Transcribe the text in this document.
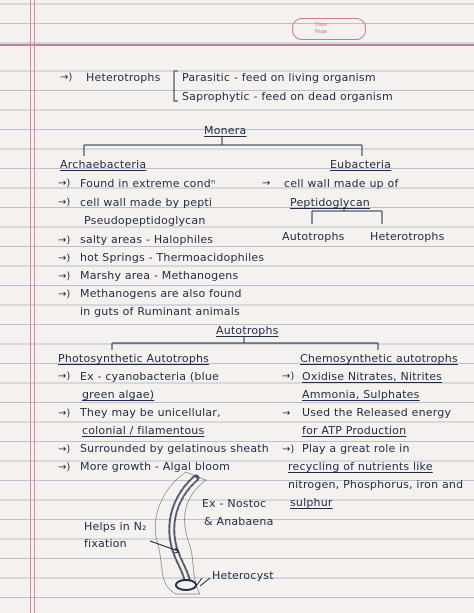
Date
Page
→) Heterotrophs Parasitic - feed on living organism
Saprophytic - feed on dead organism
Monera
Archaebacteria	Eubacteria
→) Found in extreme condⁿ	→ cell wall made up of
→) cell wall made by pepti	Peptidoglycan
Pseudopeptidoglycan
Autotrophs Heterotrophs
→) salty areas - Halophiles
→) hot Springs - Thermoacidophiles
→) Marshy area - Methanogens
→) Methanogens are also found
in guts of Ruminant animals
Autotrophs
Photosynthetic Autotrophs	Chemosynthetic autotrophs
→) Ex - cyanobacteria (blue	→) Oxidise Nitrates, Nitrites
green algae)	Ammonia, Sulphates
→) They may be unicellular,	→ Used the Released energy
colonial / filamentous	for ATP Production
→) Surrounded by gelatinous sheath →) Play a great role in
→) More growth - Algal bloom	recycling of nutrients like
nitrogen, Phosphorus, iron and
sulphur
Ex - Nostoc
& Anabaena
Helps in N₂
fixation
Heterocyst
